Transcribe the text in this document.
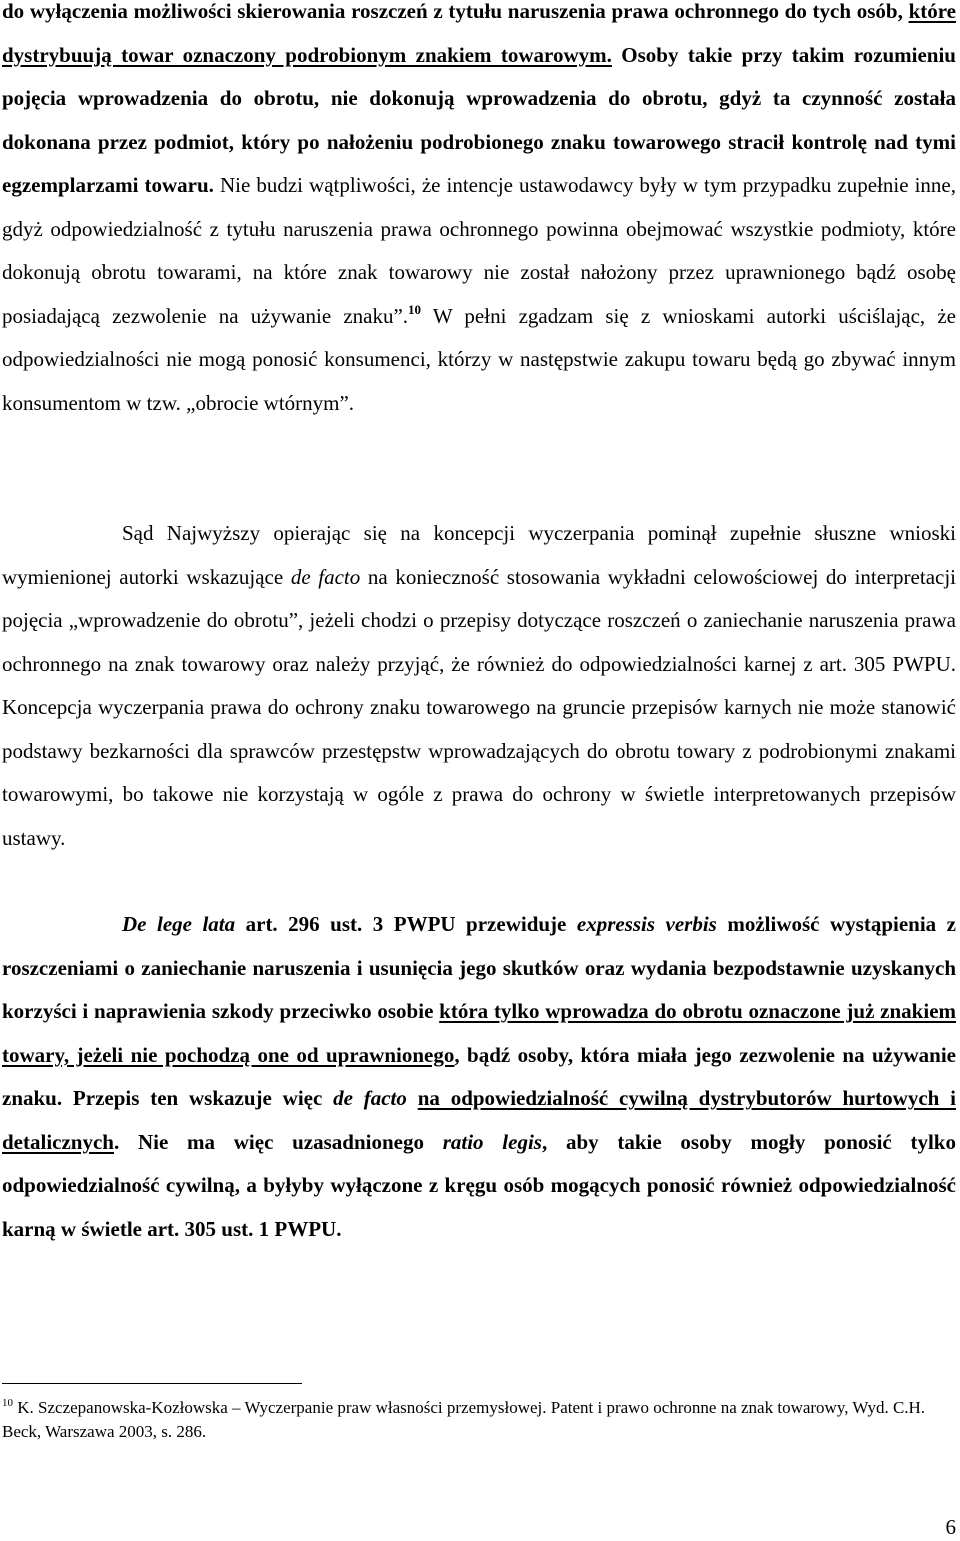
do wyłączenia możliwości skierowania roszczeń z tytułu naruszenia prawa ochronnego do tych osób, które dystrybuują towar oznaczony podrobionym znakiem towarowym. Osoby takie przy takim rozumieniu pojęcia wprowadzenia do obrotu, nie dokonują wprowadzenia do obrotu, gdyż ta czynność została dokonana przez podmiot, który po nałożeniu podrobionego znaku towarowego stracił kontrolę nad tymi egzemplarzami towaru. Nie budzi wątpliwości, że intencje ustawodawcy były w tym przypadku zupełnie inne, gdyż odpowiedzialność z tytułu naruszenia prawa ochronnego powinna obejmować wszystkie podmioty, które dokonują obrotu towarami, na które znak towarowy nie został nałożony przez uprawnionego bądź osobę posiadającą zezwolenie na używanie znaku”.$^{10}$ W pełni zgadzam się z wnioskami autorki uściślając, że odpowiedzialności nie mogą ponosić konsumenci, którzy w następstwie zakupu towaru będą go zbywać innym konsumentom w tzw. „obrocie wtórnym”.

Sąd Najwyższy opierając się na koncepcji wyczerpania pominął zupełnie słuszne wnioski wymienionej autorki wskazujące de facto na konieczność stosowania wykładni celowościowej do interpretacji pojęcia „wprowadzenie do obrotu”, jeżeli chodzi o przepisy dotyczące roszczeń o zaniechanie naruszenia prawa ochronnego na znak towarowy oraz należy przyjąć, że również do odpowiedzialności karnej z art. 305 PWPU. Koncepcja wyczerpania prawa do ochrony znaku towarowego na gruncie przepisów karnych nie może stanowić podstawy bezkarności dla sprawców przestępstw wprowadzających do obrotu towary z podrobionymi znakami towarowymi, bo takowe nie korzystają w ogóle z prawa do ochrony w świetle interpretowanych przepisów ustawy.

De lege lata art. 296 ust. 3 PWPU przewiduje expressis verbis możliwość wystąpienia z roszczeniami o zaniechanie naruszenia i usunięcia jego skutków oraz wydania bezpodstawnie uzyskanych korzyści i naprawienia szkody przeciwko osobie która tylko wprowadza do obrotu oznaczone już znakiem towary, jeżeli nie pochodzą one od uprawnionego, bądź osoby, która miała jego zezwolenie na używanie znaku. Przepis ten wskazuje więc de facto na odpowiedzialność cywilną dystrybutorów hurtowych i detalicznych. Nie ma więc uzasadnionego ratio legis, aby takie osoby mogły ponosić tylko odpowiedzialność cywilną, a byłyby wyłączone z kręgu osób mogących ponosić również odpowiedzialność karną w świetle art. 305 ust. 1 PWPU.

$^{10}$ K. Szczepanowska-Kozłowska – Wyczerpanie praw własności przemysłowej. Patent i prawo ochronne na znak towarowy, Wyd. C.H. Beck, Warszawa 2003, s. 286.

6
